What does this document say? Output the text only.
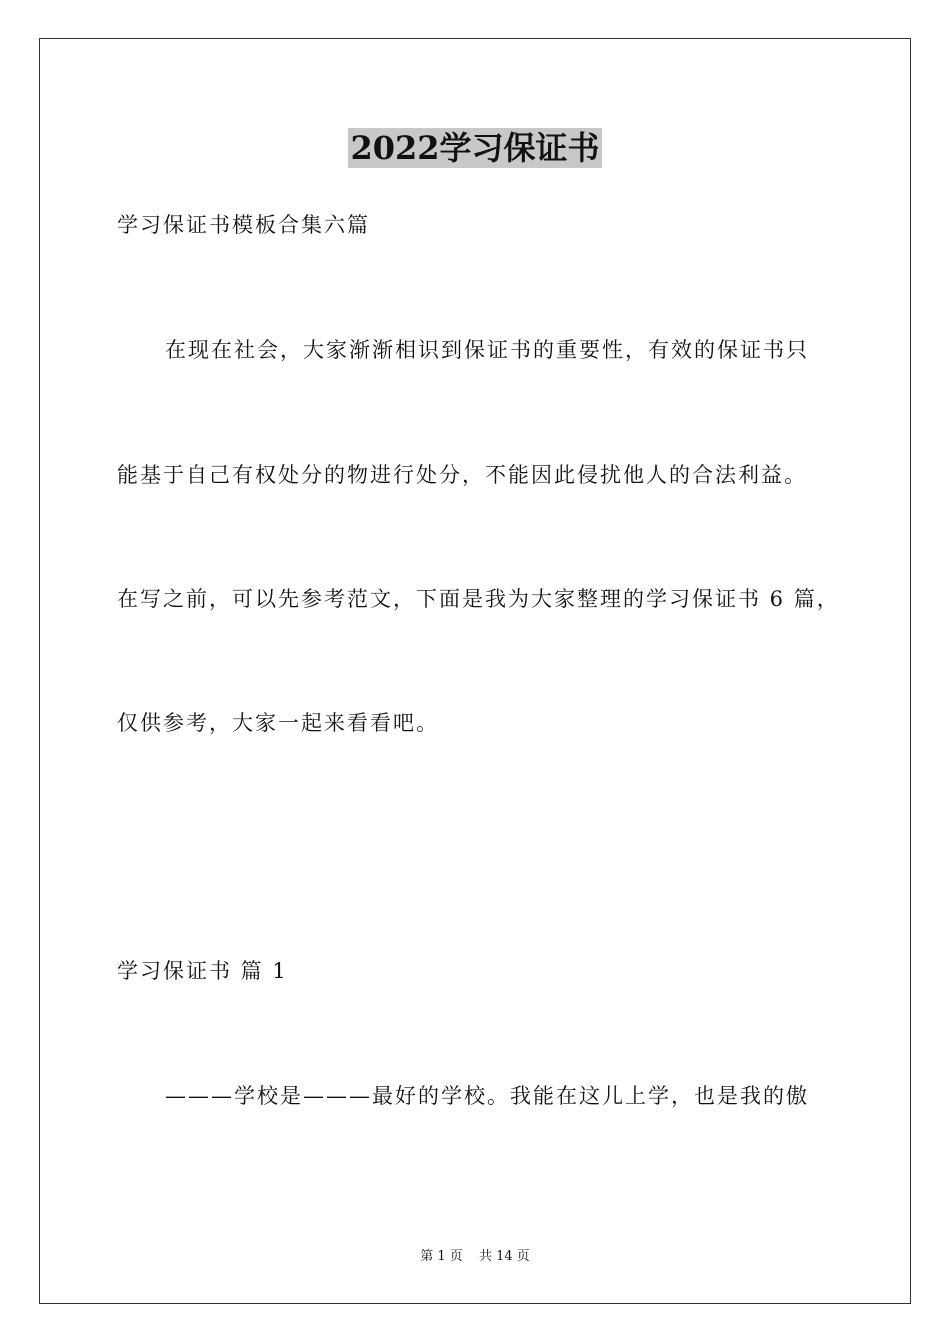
2022学习保证书
学习保证书模板合集六篇
在现在社会，大家渐渐相识到保证书的重要性，有效的保证书只
能基于自己有权处分的物进行处分，不能因此侵扰他人的合法利益。
在写之前，可以先参考范文，下面是我为大家整理的学习保证书 6 篇，
仅供参考，大家一起来看看吧。
学习保证书 篇 1
———学校是———最好的学校。我能在这儿上学，也是我的傲
第 1 页 共 14 页
